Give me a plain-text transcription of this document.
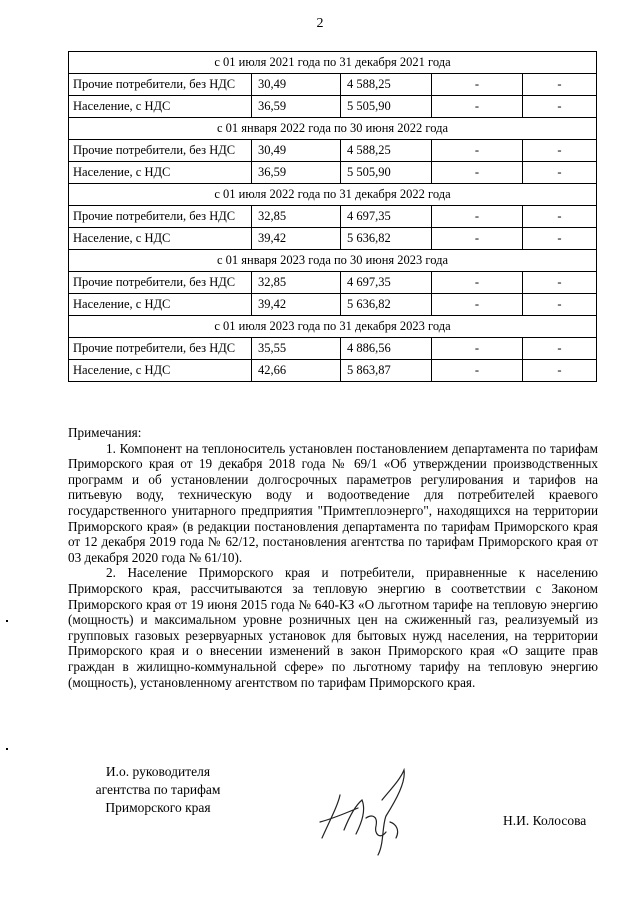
2
с 01 июля 2021 года по 31 декабря 2021 года				
Прочие потребители, без НДС	30,49	4 588,25	-	-
Население, с НДС	36,59	5 505,90	-	-
с 01 января 2022 года по 30 июня 2022 года				
Прочие потребители, без НДС	30,49	4 588,25	-	-
Население, с НДС	36,59	5 505,90	-	-
с 01 июля 2022 года по 31 декабря 2022 года				
Прочие потребители, без НДС	32,85	4 697,35	-	-
Население, с НДС	39,42	5 636,82	-	-
с 01 января 2023 года по 30 июня 2023 года				
Прочие потребители, без НДС	32,85	4 697,35	-	-
Население, с НДС	39,42	5 636,82	-	-
с 01 июля 2023 года по 31 декабря 2023 года				
Прочие потребители, без НДС	35,55	4 886,56	-	-
Население, с НДС	42,66	5 863,87	-	-
Примечания:

1. Компонент на теплоноситель установлен постановлением департамента по тарифам Приморского края от 19 декабря 2018 года № 69/1 «Об утверждении производственных программ и об установлении долгосрочных параметров регулирования и тарифов на питьевую воду, техническую воду и водоотведение для потребителей краевого государственного унитарного предприятия "Примтеплоэнерго", находящихся на территории Приморского края» (в редакции постановления департамента по тарифам Приморского края от 12 декабря 2019 года № 62/12, постановления агентства по тарифам Приморского края от 03 декабря 2020 года № 61/10).

2. Население Приморского края и потребители, приравненные к населению Приморского края, рассчитываются за тепловую энергию в соответствии с Законом Приморского края от 19 июня 2015 года № 640-КЗ «О льготном тарифе на тепловую энергию (мощность) и максимальном уровне розничных цен на сжиженный газ, реализуемый из групповых газовых резервуарных установок для бытовых нужд населения, на территории Приморского края и о внесении изменений в закон Приморского края «О защите прав граждан в жилищно-коммунальной сфере» по льготному тарифу на тепловую энергию (мощность), установленному агентством по тарифам Приморского края.

И.о. руководителя
агентства по тарифам
Приморского края
Н.И. Колосова
